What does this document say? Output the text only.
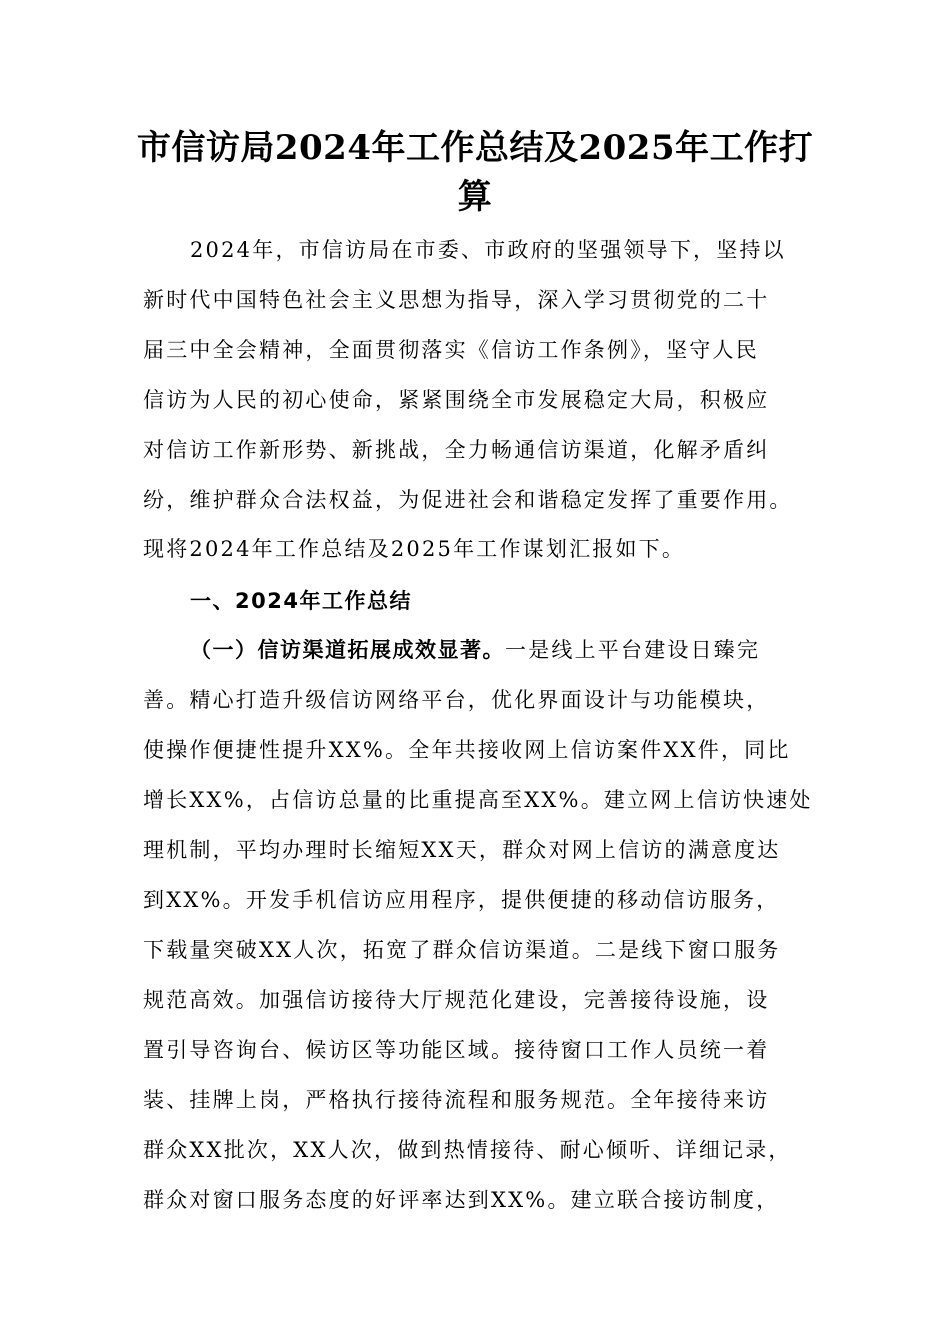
市信访局2024年工作总结及2025年工作打
算
2024年，市信访局在市委、市政府的坚强领导下，坚持以
新时代中国特色社会主义思想为指导，深入学习贯彻党的二十
届三中全会精神，全面贯彻落实《信访工作条例》，坚守人民
信访为人民的初心使命，紧紧围绕全市发展稳定大局，积极应
对信访工作新形势、新挑战，全力畅通信访渠道，化解矛盾纠
纷，维护群众合法权益，为促进社会和谐稳定发挥了重要作用。
现将2024年工作总结及2025年工作谋划汇报如下。
一、2024年工作总结
（一）信访渠道拓展成效显著。一是线上平台建设日臻完
善。精心打造升级信访网络平台，优化界面设计与功能模块，
使操作便捷性提升XX%。全年共接收网上信访案件XX件，同比
增长XX%，占信访总量的比重提高至XX%。建立网上信访快速处
理机制，平均办理时长缩短XX天，群众对网上信访的满意度达
到XX%。开发手机信访应用程序，提供便捷的移动信访服务，
下载量突破XX人次，拓宽了群众信访渠道。二是线下窗口服务
规范高效。加强信访接待大厅规范化建设，完善接待设施，设
置引导咨询台、候访区等功能区域。接待窗口工作人员统一着
装、挂牌上岗，严格执行接待流程和服务规范。全年接待来访
群众XX批次，XX人次，做到热情接待、耐心倾听、详细记录，
群众对窗口服务态度的好评率达到XX%。建立联合接访制度，
